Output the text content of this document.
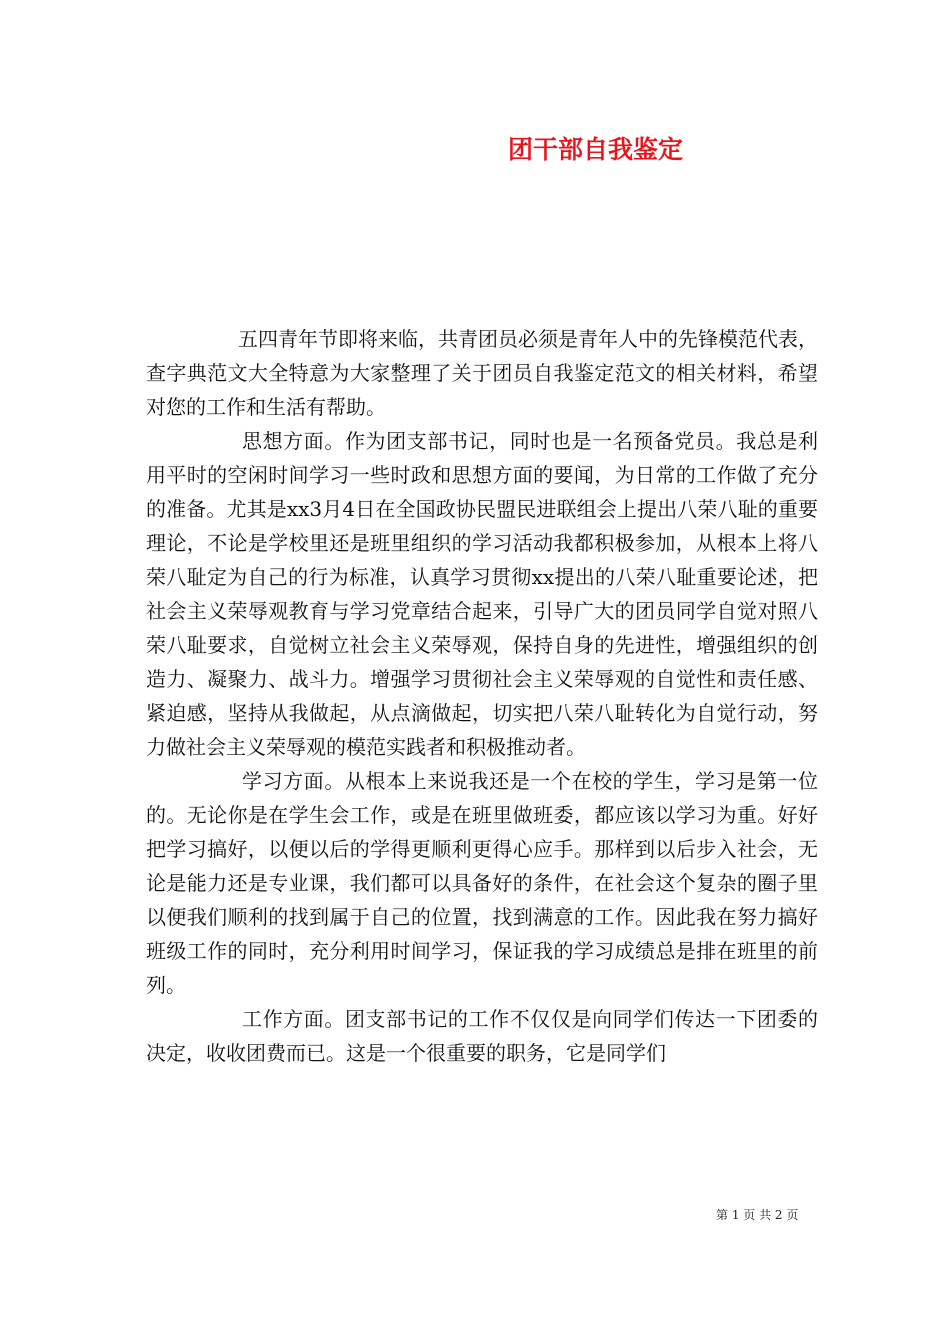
团干部自我鉴定

五四青年节即将来临，共青团员必须是青年人中的先锋模范代表，查字典范文大全特意为大家整理了关于团员自我鉴定范文的相关材料，希望对您的工作和生活有帮助。

思想方面。作为团支部书记，同时也是一名预备党员。我总是利用平时的空闲时间学习一些时政和思想方面的要闻，为日常的工作做了充分的准备。尤其是xx3月4日在全国政协民盟民进联组会上提出八荣八耻的重要理论，不论是学校里还是班里组织的学习活动我都积极参加，从根本上将八荣八耻定为自己的行为标准，认真学习贯彻xx提出的八荣八耻重要论述，把社会主义荣辱观教育与学习党章结合起来，引导广大的团员同学自觉对照八荣八耻要求，自觉树立社会主义荣辱观，保持自身的先进性，增强组织的创造力、凝聚力、战斗力。增强学习贯彻社会主义荣辱观的自觉性和责任感、紧迫感，坚持从我做起，从点滴做起，切实把八荣八耻转化为自觉行动，努力做社会主义荣辱观的模范实践者和积极推动者。

学习方面。从根本上来说我还是一个在校的学生，学习是第一位的。无论你是在学生会工作，或是在班里做班委，都应该以学习为重。好好把学习搞好，以便以后的学得更顺利更得心应手。那样到以后步入社会，无论是能力还是专业课，我们都可以具备好的条件，在社会这个复杂的圈子里以便我们顺利的找到属于自己的位置，找到满意的工作。因此我在努力搞好班级工作的同时，充分利用时间学习，保证我的学习成绩总是排在班里的前列。

工作方面。团支部书记的工作不仅仅是向同学们传达一下团委的决定，收收团费而已。这是一个很重要的职务，它是同学们

第 1 页 共 2 页
